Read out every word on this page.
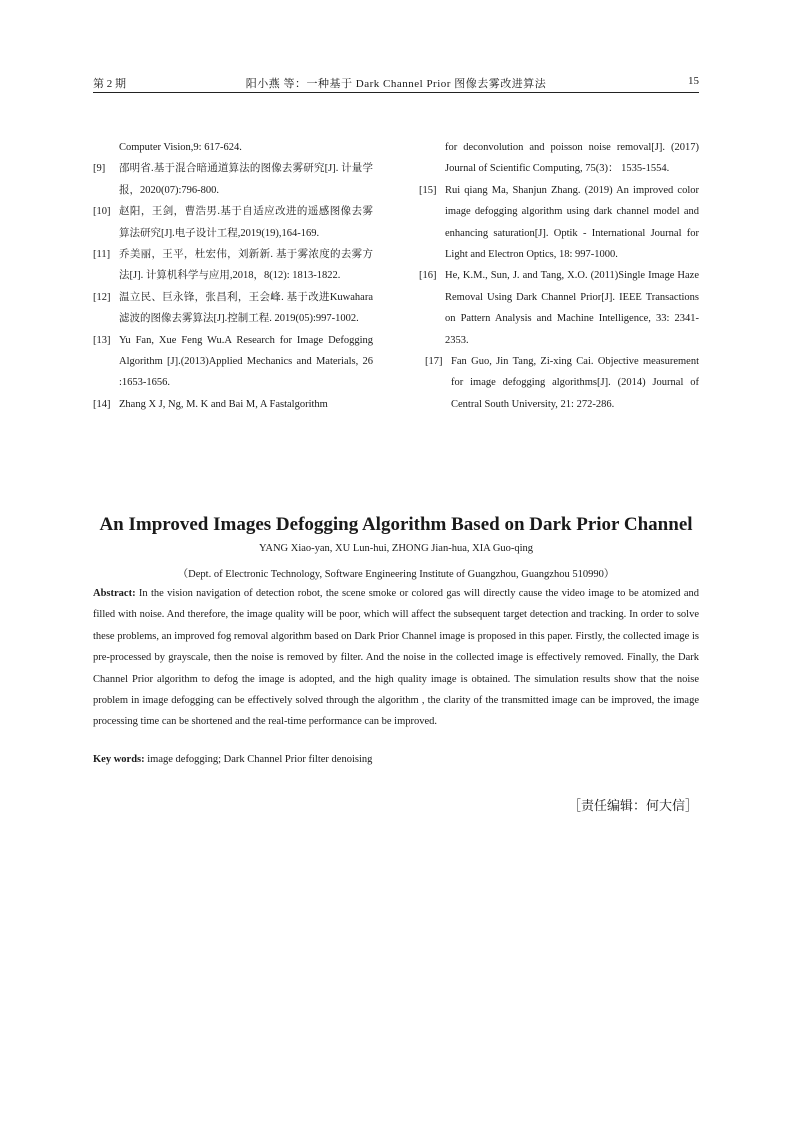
第 2 期	阳小燕 等：一种基于 Dark Channel Prior 图像去雾改进算法	15
Computer Vision,9: 617-624.
[9]	邵明省.基于混合暗通道算法的图像去雾研究[J]. 计量学报，2020(07):796-800.
[10] 赵阳，王剑，曹浩男.基于自适应改进的遥感图像去雾算法研究[J].电子设计工程,2019(19),164-169.
[11] 乔美丽，王平，杜宏伟，刘新新. 基于雾浓度的去雾方法[J]. 计算机科学与应用,2018，8(12): 1813-1822.
[12] 温立民、巨永锋，张昌利，王会峰. 基于改进Kuwahara 滤波的图像去雾算法[J].控制工程. 2019(05):997-1002.
[13] Yu Fan, Xue Feng Wu.A Research for Image Defogging Algorithm [J].(2013)Applied Mechanics and Materials, 26 :1653-1656.
[14] Zhang X J, Ng, M. K and Bai M, A Fastalgorithm
for deconvolution and poisson noise removal[J]. (2017) Journal of Scientific Computing, 75(3)： 1535-1554.
[15] Rui qiang Ma, Shanjun Zhang. (2019) An improved color image defogging algorithm using dark channel model and enhancing saturation[J]. Optik - International Journal for Light and Electron Optics, 18: 997-1000.
[16] He, K.M., Sun, J. and Tang, X.O. (2011)Single Image Haze Removal Using Dark Channel Prior[J]. IEEE Transactions on Pattern Analysis and Machine Intelligence, 33: 2341-2353.
[17] Fan Guo, Jin Tang, Zi-xing Cai. Objective measurement for image defogging algorithms[J]. (2014) Journal of Central South University, 21: 272-286.
An Improved Images Defogging Algorithm Based on Dark Prior Channel
YANG Xiao-yan, XU Lun-hui, ZHONG Jian-hua, XIA Guo-qing
（Dept. of Electronic Technology, Software Engineering Institute of Guangzhou, Guangzhou 510990）
Abstract: In the vision navigation of detection robot, the scene smoke or colored gas will directly cause the video image to be atomized and filled with noise. And therefore, the image quality will be poor, which will affect the subsequent target detection and tracking. In order to solve these problems, an improved fog removal algorithm based on Dark Prior Channel image is proposed in this paper. Firstly, the collected image is pre-processed by grayscale, then the noise is removed by filter. And the noise in the collected image is effectively removed. Finally, the Dark Channel Prior algorithm to defog the image is adopted, and the high quality image is obtained. The simulation results show that the noise problem in image defogging can be effectively solved through the algorithm , the clarity of the transmitted image can be improved, the image processing time can be shortened and the real-time performance can be improved.
Key words: image defogging; Dark Channel Prior filter denoising
［责任编辑：何大信］
